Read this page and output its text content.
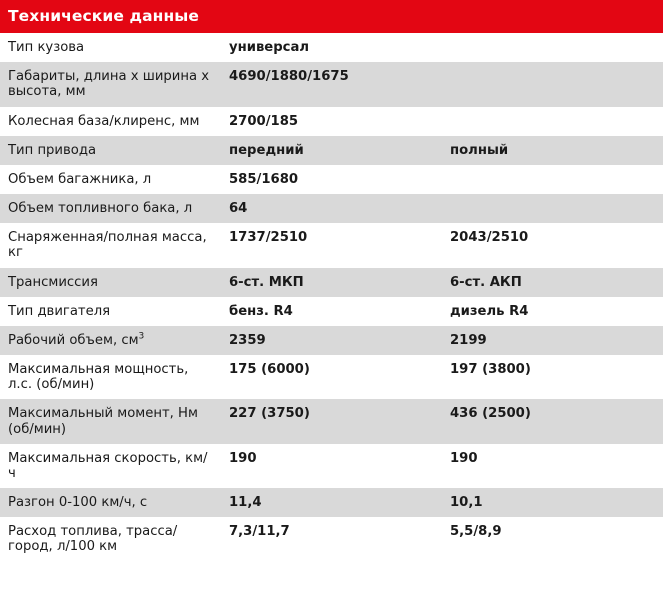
Технические данные		
Тип кузова	универсал	
Габариты, длина x ширина x высота, мм	4690/1880/1675	
Колесная база/клиренс, мм	2700/185	
Тип привода	передний	полный
Объем багажника, л	585/1680	
Объем топливного бака, л	64	
Снаряженная/полная масса, кг	1737/2510	2043/2510
Трансмиссия	6-ст. МКП	6-ст. АКП
Тип двигателя	бенз. R4	дизель R4
Рабочий объем, $см^3$	2359	2199
Максимальная мощность, л.с. (об/мин)	175 (6000)	197 (3800)
Максимальный момент, Нм (об/мин)	227 (3750)	436 (2500)
Максимальная скорость, км/ч	190	190
Разгон 0-100 км/ч, с	11,4	10,1
Расход топлива, трасса/город, л/100 км	7,3/11,7	5,5/8,9
